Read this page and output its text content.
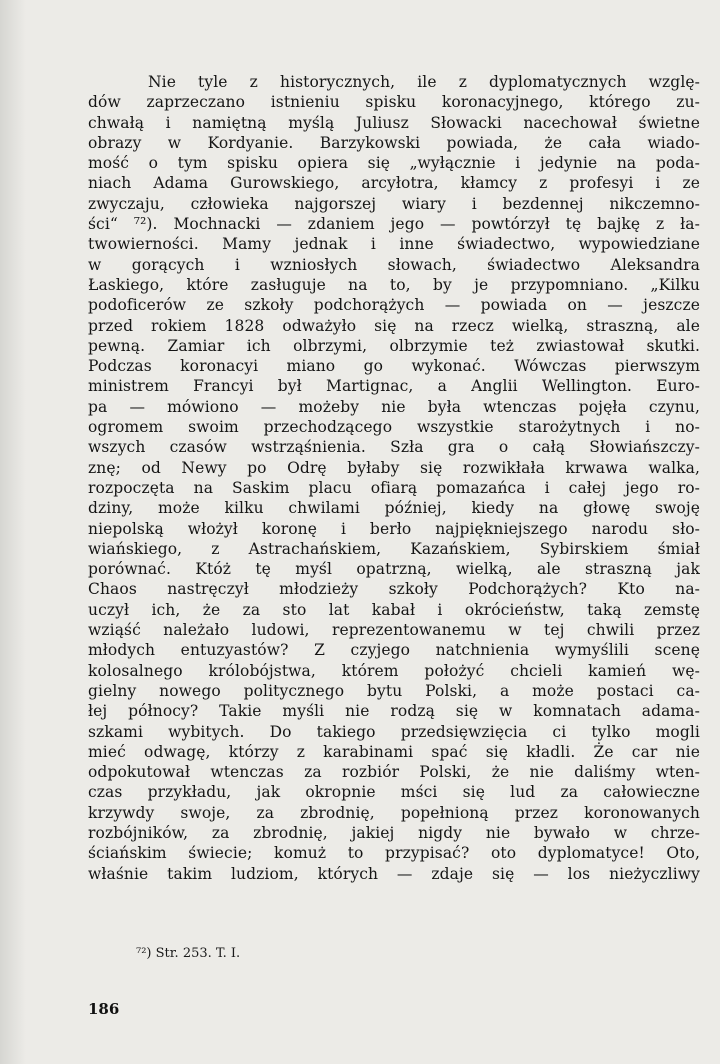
Nie tyle z historycznych, ile z dyplomatycznych wzglę-
dów zaprzeczano istnieniu spisku koronacyjnego, którego zu-
chwałą i namiętną myślą Juliusz Słowacki nacechował świetne
obrazy w Kordyanie. Barzykowski powiada, że cała wiado-
mość o tym spisku opiera się „wyłącznie i jedynie na poda-
niach Adama Gurowskiego, arcyłotra, kłamcy z profesyi i ze
zwyczaju, człowieka najgorszej wiary i bezdennej nikczemno-
ści“ ⁷²). Mochnacki — zdaniem jego — powtórzył tę bajkę z ła-
twowierności. Mamy jednak i inne świadectwo, wypowiedziane
w gorących i wzniosłych słowach, świadectwo Aleksandra
Łaskiego, które zasługuje na to, by je przypomniano. „Kilku
podoficerów ze szkoły podchorążych — powiada on — jeszcze
przed rokiem 1828 odważyło się na rzecz wielką, straszną, ale
pewną. Zamiar ich olbrzymi, olbrzymie też zwiastował skutki.
Podczas koronacyi miano go wykonać. Wówczas pierwszym
ministrem Francyi był Martignac, a Anglii Wellington. Euro-
pa — mówiono — możeby nie była wtenczas pojęła czynu,
ogromem swoim przechodzącego wszystkie starożytnych i no-
wszych czasów wstrząśnienia. Szła gra o całą Słowiańszczy-
znę; od Newy po Odrę byłaby się rozwikłała krwawa walka,
rozpoczęta na Saskim placu ofiarą pomazańca i całej jego ro-
dziny, może kilku chwilami później, kiedy na głowę swoję
niepolską włożył koronę i berło najpiękniejszego narodu sło-
wiańskiego, z Astrachańskiem, Kazańskiem, Sybirskiem śmiał
porównać. Któż tę myśl opatrzną, wielką, ale straszną jak
Chaos nastręczył młodzieży szkoły Podchorążych? Kto na-
uczył ich, że za sto lat kabał i okrócieństw, taką zemstę
wziąść należało ludowi, reprezentowanemu w tej chwili przez
młodych entuzyastów? Z czyjego natchnienia wymyślili scenę
kolosalnego królobójstwa, którem położyć chcieli kamień wę-
gielny nowego politycznego bytu Polski, a może postaci ca-
łej północy? Takie myśli nie rodzą się w komnatach adama-
szkami wybitych. Do takiego przedsięwzięcia ci tylko mogli
mieć odwagę, którzy z karabinami spać się kładli. Że car nie
odpokutował wtenczas za rozbiór Polski, że nie daliśmy wten-
czas przykładu, jak okropnie mści się lud za całowieczne
krzywdy swoje, za zbrodnię, popełnioną przez koronowanych
rozbójników, za zbrodnię, jakiej nigdy nie bywało w chrze-
ściańskim świecie; komuż to przypisać? oto dyplomatyce! Oto,
właśnie takim ludziom, których — zdaje się — los nieżyczliwy
⁷²) Str. 253. T. I.
186
